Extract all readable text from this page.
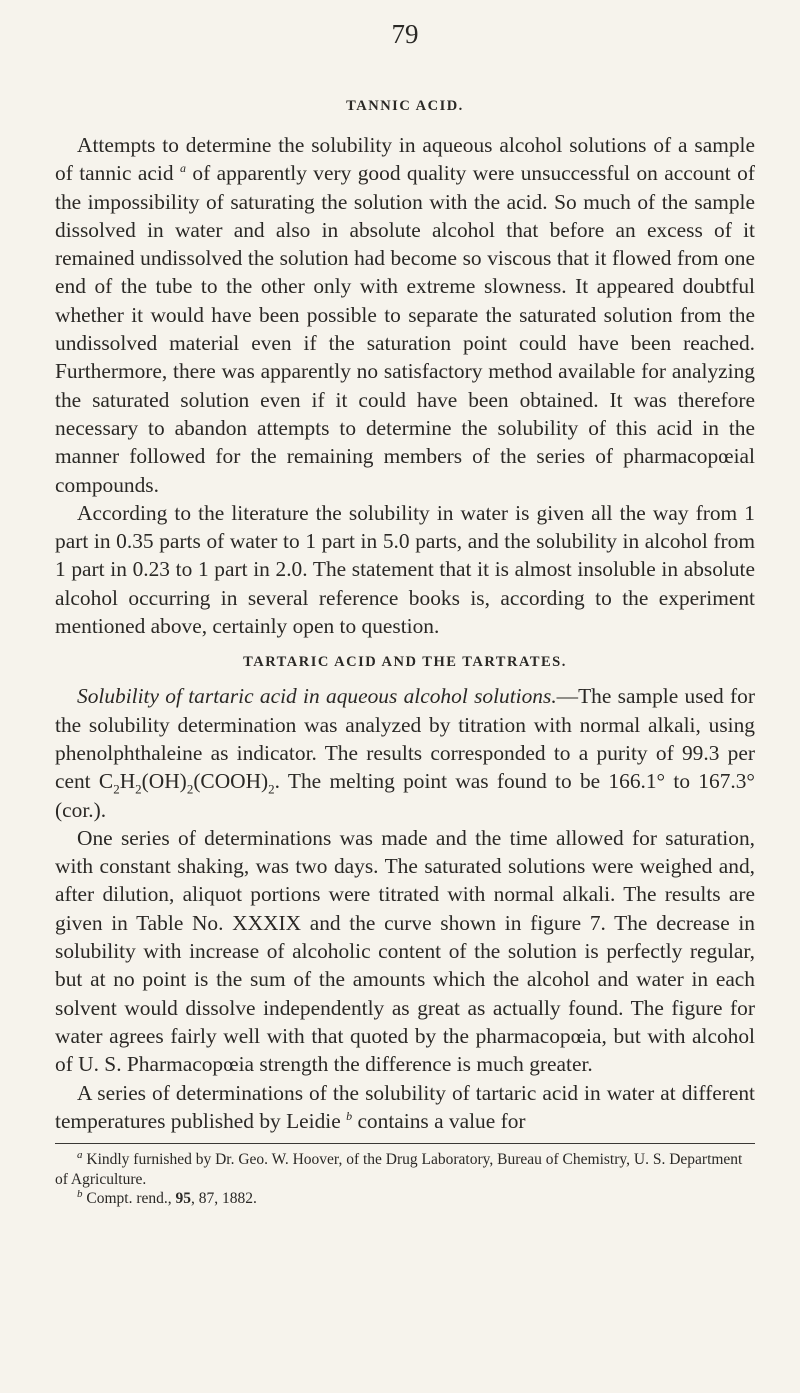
79
TANNIC ACID.

Attempts to determine the solubility in aqueous alcohol solutions of a sample of tannic acid $^a$ of apparently very good quality were unsuccessful on account of the impossibility of saturating the solution with the acid. So much of the sample dissolved in water and also in absolute alcohol that before an excess of it remained undissolved the solution had become so viscous that it flowed from one end of the tube to the other only with extreme slowness. It appeared doubtful whether it would have been possible to separate the saturated solution from the undissolved material even if the saturation point could have been reached. Furthermore, there was apparently no satisfactory method available for analyzing the saturated solution even if it could have been obtained. It was therefore necessary to abandon attempts to determine the solubility of this acid in the manner followed for the remaining members of the series of pharmacopœial compounds.

According to the literature the solubility in water is given all the way from 1 part in 0.35 parts of water to 1 part in 5.0 parts, and the solubility in alcohol from 1 part in 0.23 to 1 part in 2.0. The statement that it is almost insoluble in absolute alcohol occurring in several reference books is, according to the experiment mentioned above, certainly open to question.

TARTARIC ACID AND THE TARTRATES.

Solubility of tartaric acid in aqueous alcohol solutions.—The sample used for the solubility determination was analyzed by titration with normal alkali, using phenolphthaleine as indicator. The results corresponded to a purity of 99.3 per cent $C_2H_2(OH)_2(COOH)_2$. The melting point was found to be 166.1° to 167.3° (cor.).

One series of determinations was made and the time allowed for saturation, with constant shaking, was two days. The saturated solutions were weighed and, after dilution, aliquot portions were titrated with normal alkali. The results are given in Table No. XXXIX and the curve shown in figure 7. The decrease in solubility with increase of alcoholic content of the solution is perfectly regular, but at no point is the sum of the amounts which the alcohol and water in each solvent would dissolve independently as great as actually found. The figure for water agrees fairly well with that quoted by the pharmacopœia, but with alcohol of U. S. Pharmacopœia strength the difference is much greater.

A series of determinations of the solubility of tartaric acid in water at different temperatures published by Leidie $^b$ contains a value for

$^a$ Kindly furnished by Dr. Geo. W. Hoover, of the Drug Laboratory, Bureau of Chemistry, U. S. Department of Agriculture.

$^b$ Compt. rend., 95, 87, 1882.
